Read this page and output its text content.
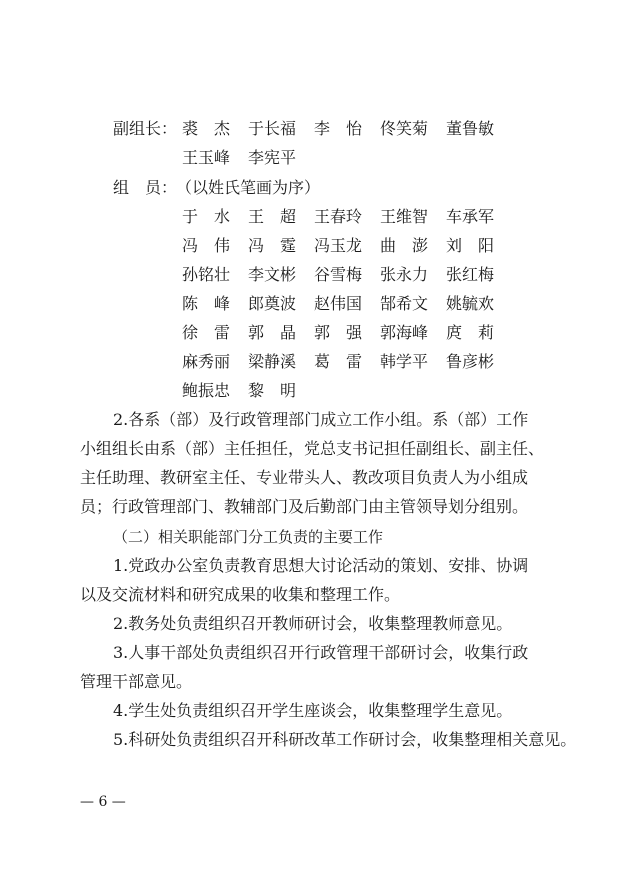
副组长： 裘　杰 于长福 李　怡 佟笑菊 董鲁敏
王玉峰 李宪平
组　员：
（以姓氏笔画为序）
于　水 王　超 王春玲 王维智 车承军
冯　伟 冯　霆 冯玉龙 曲　澎 刘　阳
孙铭壮 李文彬 谷雪梅 张永力 张红梅
陈　峰 郎奠波 赵伟国 郜希文 姚毓欢
徐　雷 郭　晶 郭　强 郭海峰 庹　莉
麻秀丽 梁静溪 葛　雷 韩学平 鲁彦彬
鲍振忠 黎　明
2.各系（部）及行政管理部门成立工作小组。系（部）工作
小组组长由系（部）主任担任，党总支书记担任副组长、副主任、
主任助理、教研室主任、专业带头人、教改项目负责人为小组成
员；行政管理部门、教辅部门及后勤部门由主管领导划分组别。
（二）相关职能部门分工负责的主要工作
1.党政办公室负责教育思想大讨论活动的策划、安排、协调
以及交流材料和研究成果的收集和整理工作。
2.教务处负责组织召开教师研讨会，收集整理教师意见。
3.人事干部处负责组织召开行政管理干部研讨会，收集行政
管理干部意见。
4.学生处负责组织召开学生座谈会，收集整理学生意见。
5.科研处负责组织召开科研改革工作研讨会，收集整理相关意见。
— 6 —
